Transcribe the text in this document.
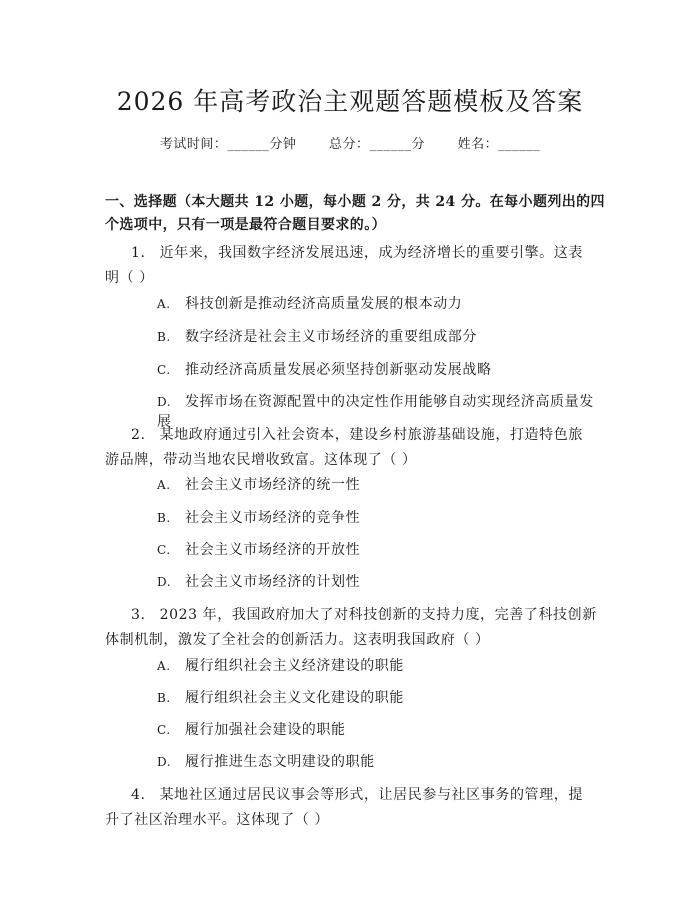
2026 年高考政治主观题答题模板及答案
考试时间：______分钟	总分：______分	姓名：______
一、选择题（本大题共 12 小题，每小题 2 分，共 24 分。在每小题列出的四个选项中，只有一项是最符合题目要求的。）
1. 近年来，我国数字经济发展迅速，成为经济增长的重要引擎。这表明（ ）
A. 科技创新是推动经济高质量发展的根本动力
B. 数字经济是社会主义市场经济的重要组成部分
C. 推动经济高质量发展必须坚持创新驱动发展战略
D. 发挥市场在资源配置中的决定性作用能够自动实现经济高质量发展
2. 某地政府通过引入社会资本，建设乡村旅游基础设施，打造特色旅游品牌，带动当地农民增收致富。这体现了（ ）
A. 社会主义市场经济的统一性
B. 社会主义市场经济的竞争性
C. 社会主义市场经济的开放性
D. 社会主义市场经济的计划性
3. 2023 年，我国政府加大了对科技创新的支持力度，完善了科技创新体制机制，激发了全社会的创新活力。这表明我国政府（ ）
A. 履行组织社会主义经济建设的职能
B. 履行组织社会主义文化建设的职能
C. 履行加强社会建设的职能
D. 履行推进生态文明建设的职能
4. 某地社区通过居民议事会等形式，让居民参与社区事务的管理，提升了社区治理水平。这体现了（ ）
